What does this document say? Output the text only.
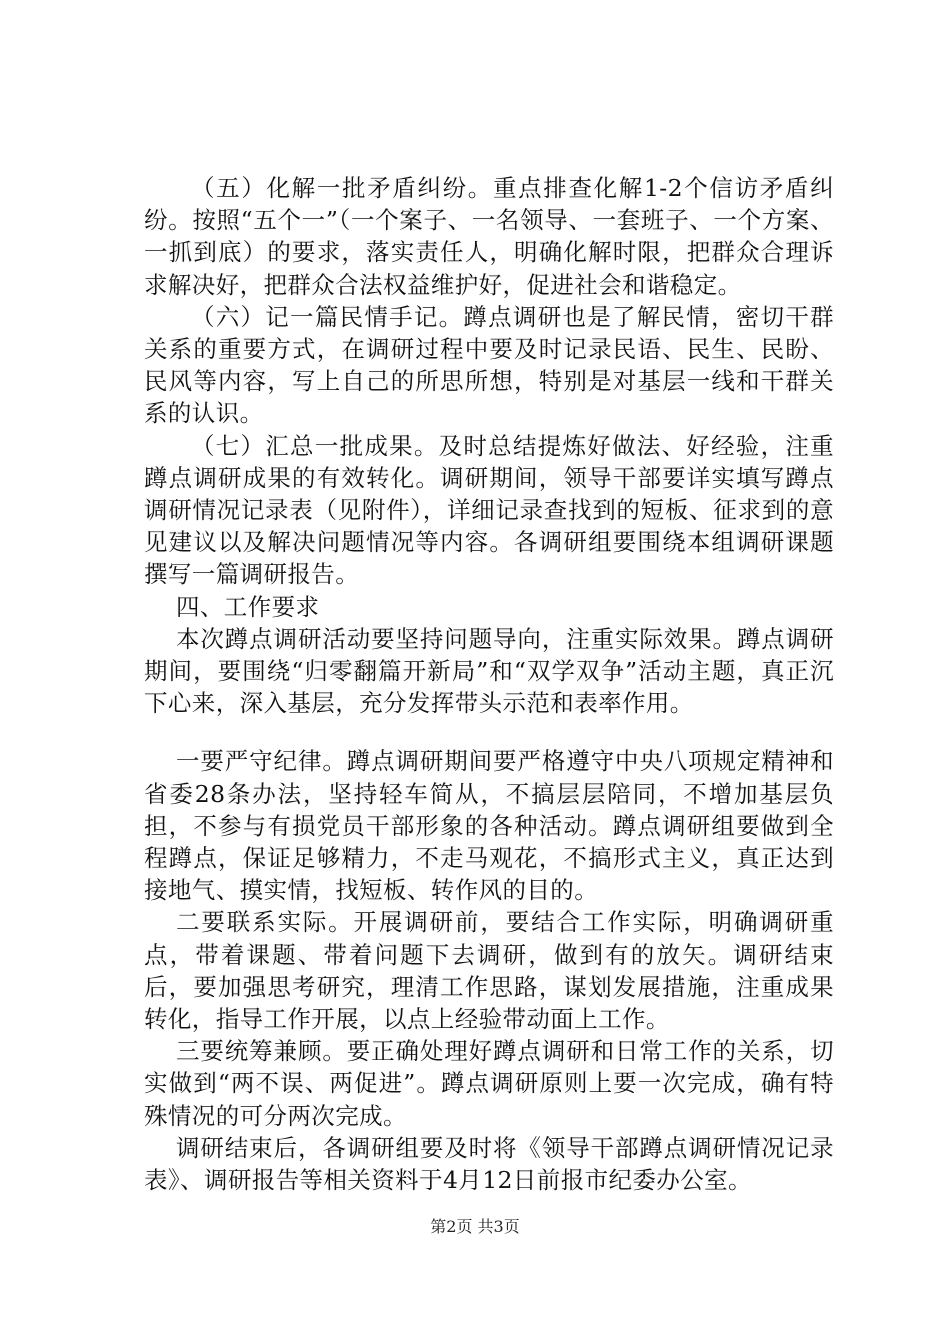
（五）化解一批矛盾纠纷。重点排查化解1-2个信访矛盾纠纷。按照“五个一”（一个案子、一名领导、一套班子、一个方案、一抓到底）的要求，落实责任人，明确化解时限，把群众合理诉求解决好，把群众合法权益维护好，促进社会和谐稳定。

（六）记一篇民情手记。蹲点调研也是了解民情，密切干群关系的重要方式，在调研过程中要及时记录民语、民生、民盼、民风等内容，写上自己的所思所想，特别是对基层一线和干群关系的认识。

（七）汇总一批成果。及时总结提炼好做法、好经验，注重蹲点调研成果的有效转化。调研期间，领导干部要详实填写蹲点调研情况记录表（见附件），详细记录查找到的短板、征求到的意见建议以及解决问题情况等内容。各调研组要围绕本组调研课题撰写一篇调研报告。

四、工作要求

本次蹲点调研活动要坚持问题导向，注重实际效果。蹲点调研期间，要围绕“归零翻篇开新局”和“双学双争”活动主题，真正沉下心来，深入基层，充分发挥带头示范和表率作用。

一要严守纪律。蹲点调研期间要严格遵守中央八项规定精神和省委28条办法，坚持轻车简从，不搞层层陪同，不增加基层负担，不参与有损党员干部形象的各种活动。蹲点调研组要做到全程蹲点，保证足够精力，不走马观花，不搞形式主义，真正达到接地气、摸实情，找短板、转作风的目的。

二要联系实际。开展调研前，要结合工作实际，明确调研重点，带着课题、带着问题下去调研，做到有的放矢。调研结束后，要加强思考研究，理清工作思路，谋划发展措施，注重成果转化，指导工作开展，以点上经验带动面上工作。

三要统筹兼顾。要正确处理好蹲点调研和日常工作的关系，切实做到“两不误、两促进”。蹲点调研原则上要一次完成，确有特殊情况的可分两次完成。

调研结束后，各调研组要及时将《领导干部蹲点调研情况记录表》、调研报告等相关资料于4月12日前报市纪委办公室。

第2页 共3页
